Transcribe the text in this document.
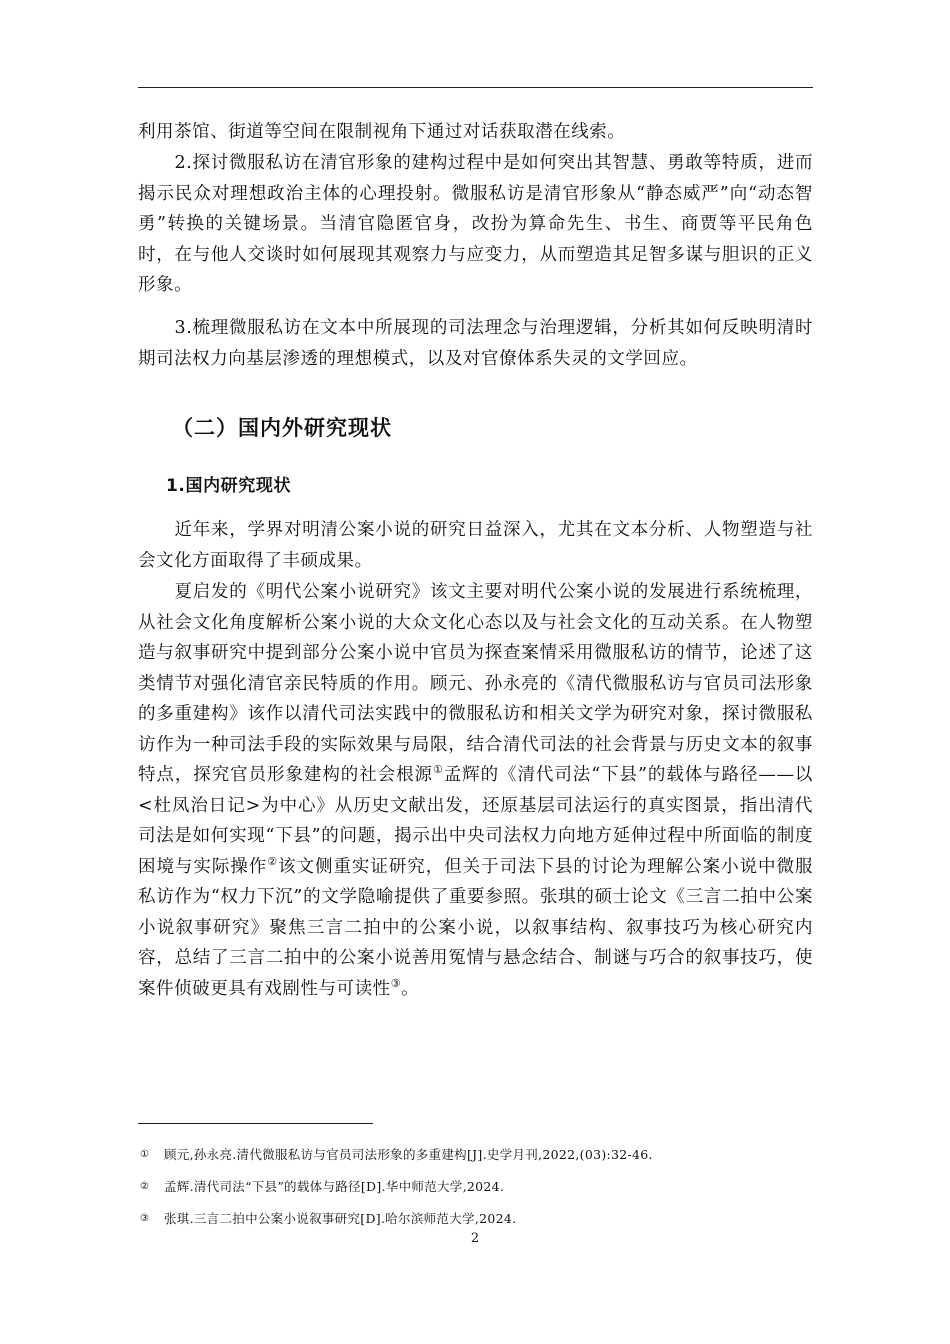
利用茶馆、街道等空间在限制视角下通过对话获取潜在线索。

　　2.探讨微服私访在清官形象的建构过程中是如何突出其智慧、勇敢等特质，进而揭示民众对理想政治主体的心理投射。微服私访是清官形象从“静态威严”向“动态智勇”转换的关键场景。当清官隐匿官身，改扮为算命先生、书生、商贾等平民角色时，在与他人交谈时如何展现其观察力与应变力，从而塑造其足智多谋与胆识的正义形象。

　　3.梳理微服私访在文本中所展现的司法理念与治理逻辑，分析其如何反映明清时期司法权力向基层渗透的理想模式，以及对官僚体系失灵的文学回应。

（二）国内外研究现状
1.国内研究现状

　　近年来，学界对明清公案小说的研究日益深入，尤其在文本分析、人物塑造与社会文化方面取得了丰硕成果。

　　夏启发的《明代公案小说研究》该文主要对明代公案小说的发展进行系统梳理，从社会文化角度解析公案小说的大众文化心态以及与社会文化的互动关系。在人物塑造与叙事研究中提到部分公案小说中官员为探查案情采用微服私访的情节，论述了这类情节对强化清官亲民特质的作用。顾元、孙永亮的《清代微服私访与官员司法形象的多重建构》该作以清代司法实践中的微服私访和相关文学为研究对象，探讨微服私访作为一种司法手段的实际效果与局限，结合清代司法的社会背景与历史文本的叙事特点，探究官员形象建构的社会根源①孟辉的《清代司法“下县”的载体与路径——以<杜凤治日记>为中心》从历史文献出发，还原基层司法运行的真实图景，指出清代司法是如何实现“下县”的问题，揭示出中央司法权力向地方延伸过程中所面临的制度困境与实际操作②该文侧重实证研究，但关于司法下县的讨论为理解公案小说中微服私访作为“权力下沉”的文学隐喻提供了重要参照。张琪的硕士论文《三言二拍中公案小说叙事研究》聚焦三言二拍中的公案小说，以叙事结构、叙事技巧为核心研究内容，总结了三言二拍中的公案小说善用冤情与悬念结合、制谜与巧合的叙事技巧，使案件侦破更具有戏剧性与可读性③。

① 顾元,孙永亮.清代微服私访与官员司法形象的多重建构[J].史学月刊,2022,(03):32-46.

② 孟辉.清代司法“下县”的载体与路径[D].华中师范大学,2024.

③ 张琪.三言二拍中公案小说叙事研究[D].哈尔滨师范大学,2024.

2
